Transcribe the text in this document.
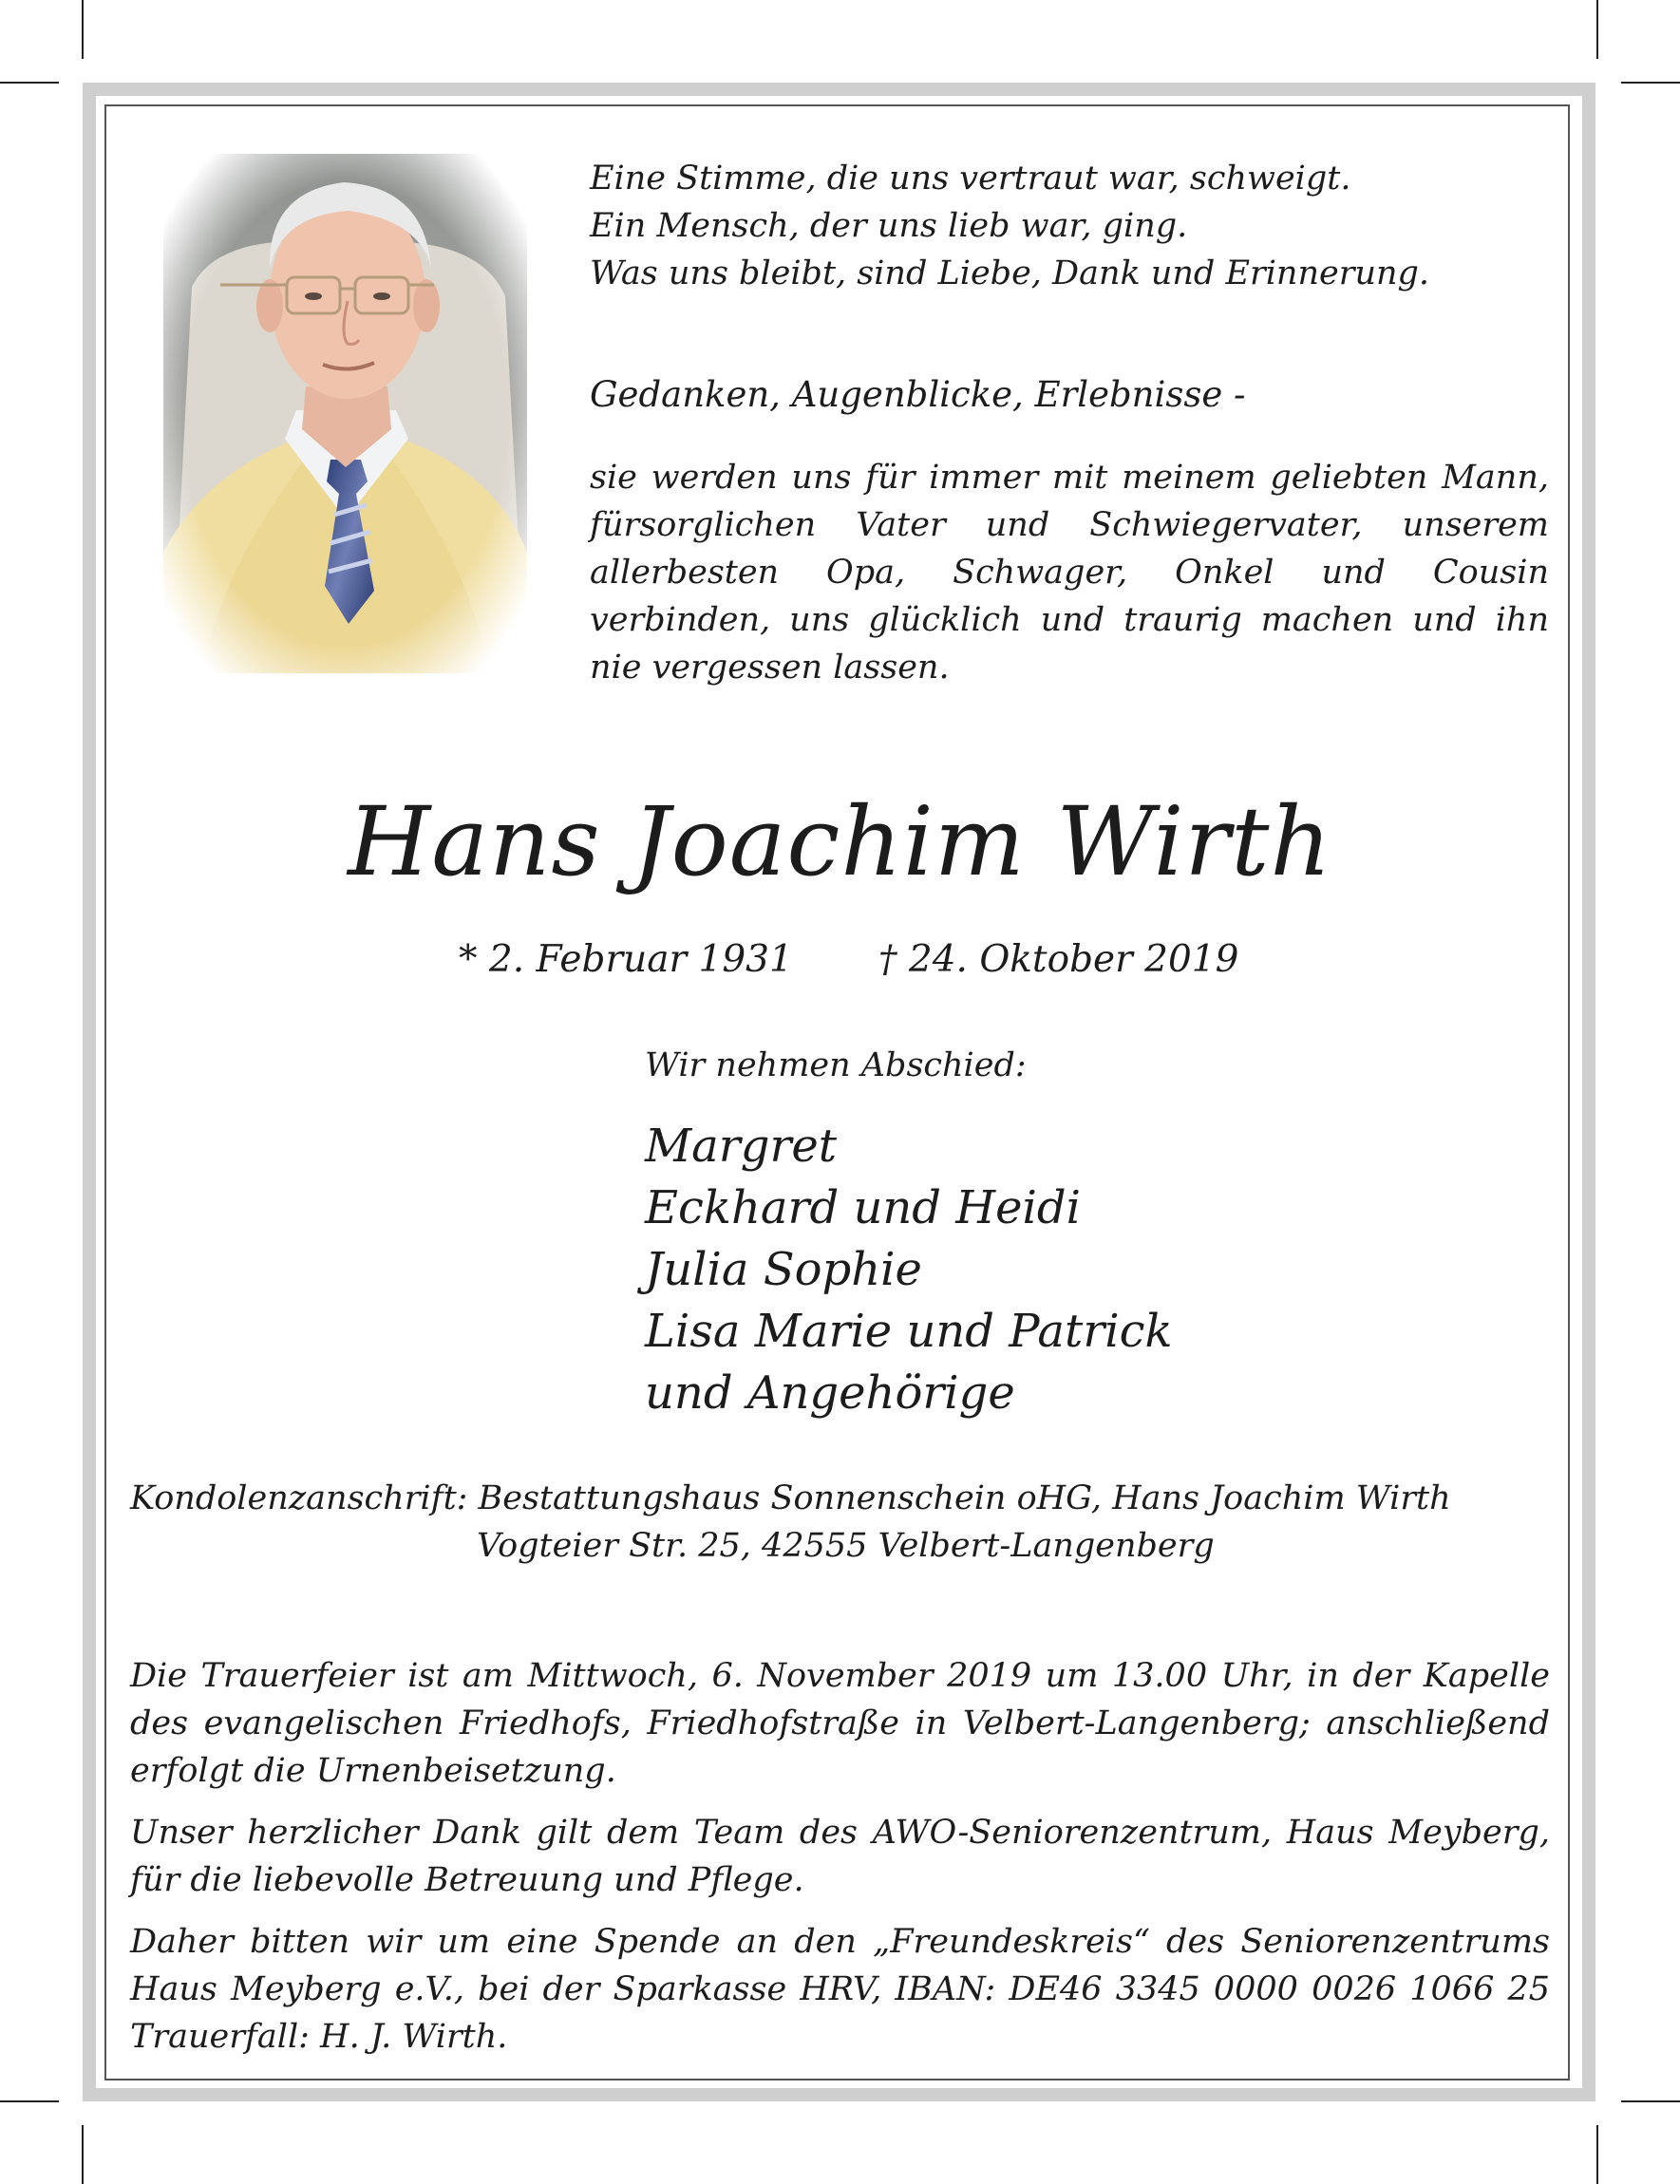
Eine Stimme, die uns vertraut war, schweigt.
Ein Mensch, der uns lieb war, ging.
Was uns bleibt, sind Liebe, Dank und Erinnerung.
Gedanken, Augenblicke, Erlebnisse -
sie werden uns für immer mit meinem geliebten Mann, fürsorglichen Vater und Schwiegervater, unserem allerbesten Opa, Schwager, Onkel und Cousin verbinden, uns glücklich und traurig machen und ihn nie vergessen lassen.
Hans Joachim Wirth
* 2. Februar 1931 † 24. Oktober 2019
Wir nehmen Abschied:
Margret
Eckhard und Heidi
Julia Sophie
Lisa Marie und Patrick
und Angehörige
Kondolenzanschrift: Bestattungshaus Sonnenschein oHG, Hans Joachim Wirth
Vogteier Str. 25, 42555 Velbert-Langenberg
Die Trauerfeier ist am Mittwoch, 6. November 2019 um 13.00 Uhr, in der Kapelle des evangelischen Friedhofs, Friedhofstraße in Velbert-Langenberg; anschließend erfolgt die Urnenbeisetzung.
Unser herzlicher Dank gilt dem Team des AWO-Seniorenzentrum, Haus Meyberg, für die liebevolle Betreuung und Pflege.
Daher bitten wir um eine Spende an den „Freundeskreis“ des Seniorenzentrums Haus Meyberg e.V., bei der Sparkasse HRV, IBAN: DE46 3345 0000 0026 1066 25 Trauerfall: H. J. Wirth.
